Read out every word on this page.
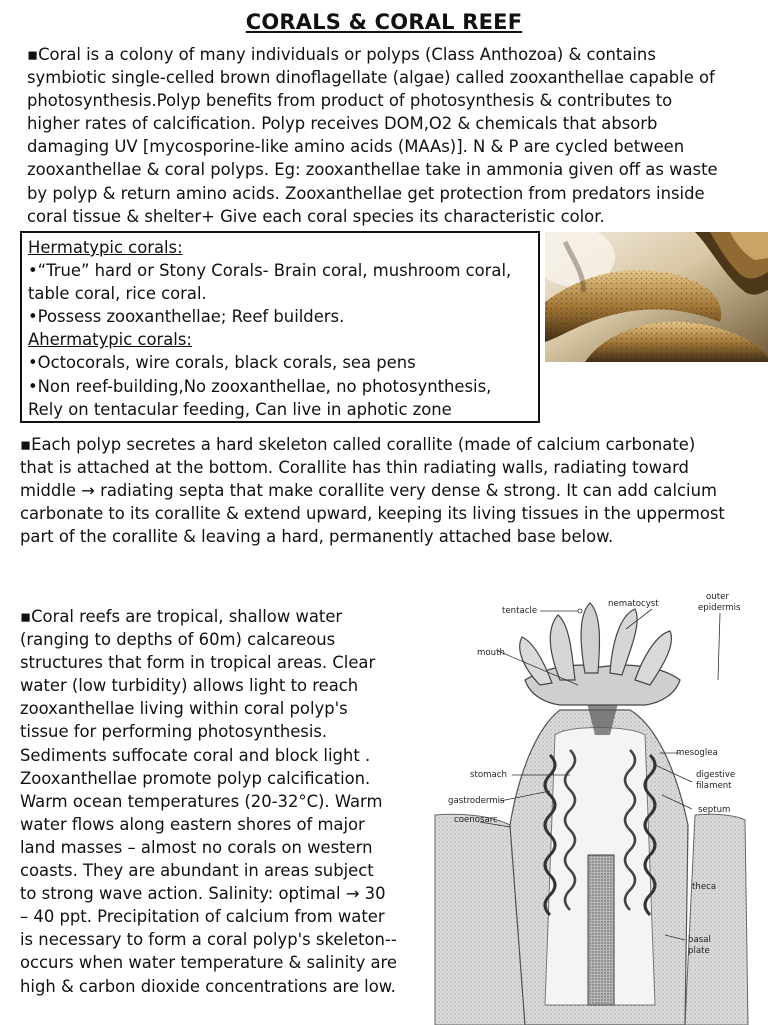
CORALS & CORAL REEF
▪Coral is a colony of many individuals or polyps (Class Anthozoa) & contains
symbiotic single-celled brown dinoflagellate (algae) called zooxanthellae capable of
photosynthesis.Polyp benefits from product of photosynthesis & contributes to
higher rates of calcification. Polyp receives DOM,O2 & chemicals that absorb
damaging UV [mycosporine-like amino acids (MAAs)]. N & P are cycled between
zooxanthellae & coral polyps. Eg: zooxanthellae take in ammonia given off as waste
by polyp & return amino acids. Zooxanthellae get protection from predators inside
coral tissue & shelter+ Give each coral species its characteristic color.
Hermatypic corals:
•“True” hard or Stony Corals- Brain coral, mushroom coral,
table coral, rice coral.
•Possess zooxanthellae; Reef builders.
Ahermatypic corals:
•Octocorals, wire corals, black corals, sea pens
•Non reef-building,No zooxanthellae, no photosynthesis,
Rely on tentacular feeding, Can live in aphotic zone
▪Each polyp secretes a hard skeleton called corallite (made of calcium carbonate)
that is attached at the bottom. Corallite has thin radiating walls, radiating toward
middle → radiating septa that make corallite very dense & strong. It can add calcium
carbonate to its corallite & extend upward, keeping its living tissues in the uppermost
part of the corallite & leaving a hard, permanently attached base below.
▪Coral reefs are tropical, shallow water
(ranging to depths of 60m) calcareous
structures that form in tropical areas. Clear
water (low turbidity) allows light to reach
zooxanthellae living within coral polyp's
tissue for performing photosynthesis.
Sediments suffocate coral and block light .
Zooxanthellae promote polyp calcification.
Warm ocean temperatures (20-32°C). Warm
water flows along eastern shores of major
land masses – almost no corals on western
coasts. They are abundant in areas subject
to strong wave action. Salinity: optimal → 30
– 40 ppt. Precipitation of calcium from water
is necessary to form a coral polyp's skeleton--
occurs when water temperature & salinity are
high & carbon dioxide concentrations are low.
tentacle
nematocyst
outer
epidermis
mouth
mesoglea
digestive
filament
stomach
septum
gastrodermis
coenosarc
theca
basal
plate
